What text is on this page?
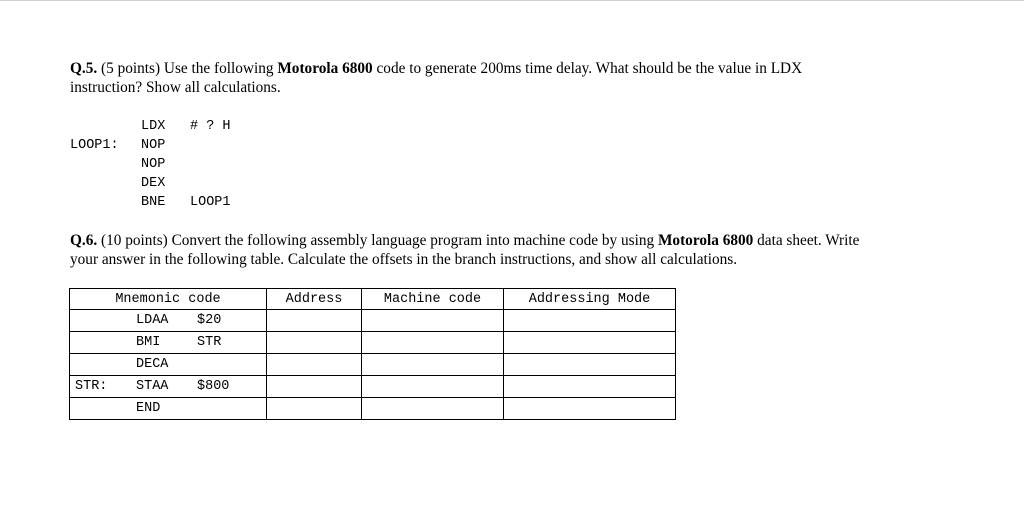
Q.5. (5 points) Use the following Motorola 6800 code to generate 200ms time delay. What should be the value in LDX
instruction? Show all calculations.
LDX # ? H
LOOP1: NOP
NOP
DEX
BNE LOOP1
Q.6. (10 points) Convert the following assembly language program into machine code by using Motorola 6800 data sheet. Write
your answer in the following table. Calculate the offsets in the branch instructions, and show all calculations.
Mnemonic code	Address	Machine code	Addressing Mode

LDAA $20			

BMI STR			

DECA			

STR: STAA $800			

END			
